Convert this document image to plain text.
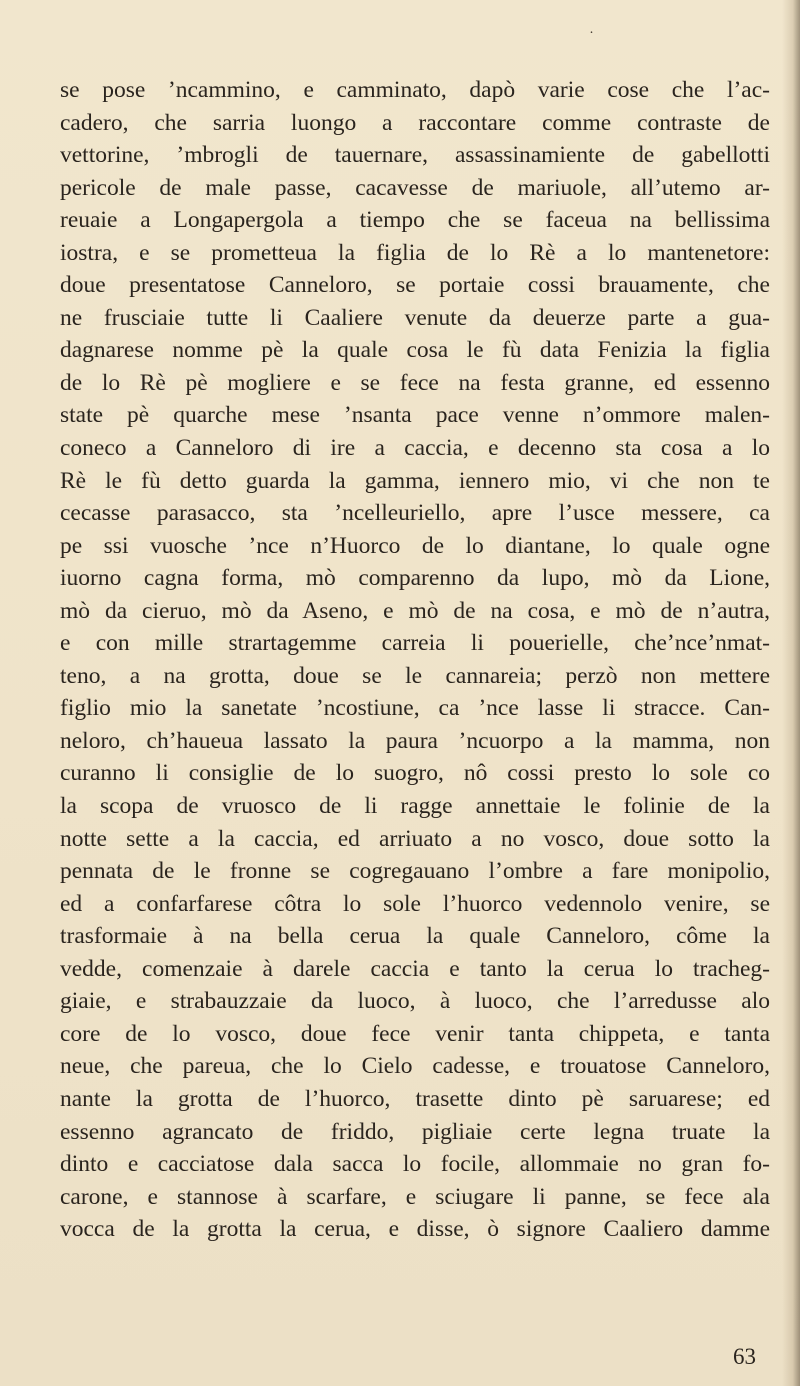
˙
se pose ’ncammino, e camminato, dapò varie cose che l’ac-
cadero, che sarria luongo a raccontare comme contraste de
vettorine, ’mbrogli de tauernare, assassinamiente de gabellotti
pericole de male passe, cacavesse de mariuole, all’utemo ar-
reuaie a Longapergola a tiempo che se faceua na bellissima
iostra, e se prometteua la figlia de lo Rè a lo mantenetore:
doue presentatose Canneloro, se portaie cossi brauamente, che
ne frusciaie tutte li Caaliere venute da deuerze parte a gua-
dagnarese nomme pè la quale cosa le fù data Fenizia la figlia
de lo Rè pè mogliere e se fece na festa granne, ed essenno
state pè quarche mese ’nsanta pace venne n’ommore malen-
coneco a Canneloro di ire a caccia, e decenno sta cosa a lo
Rè le fù detto guarda la gamma, iennero mio, vi che non te
cecasse parasacco, sta ’ncelleuriello, apre l’usce messere, ca
pe ssi vuosche ’nce n’Huorco de lo diantane, lo quale ogne
iuorno cagna forma, mò comparenno da lupo, mò da Lione,
mò da cieruo, mò da Aseno, e mò de na cosa, e mò de n’autra,
e con mille strartagemme carreia li pouerielle, che’nce’nmat-
teno, a na grotta, doue se le cannareia; perzò non mettere
figlio mio la sanetate ’ncostiune, ca ’nce lasse li stracce. Can-
neloro, ch’haueua lassato la paura ’ncuorpo a la mamma, non
curanno li consiglie de lo suogro, nô cossi presto lo sole co
la scopa de vruosco de li ragge annettaie le folinie de la
notte sette a la caccia, ed arriuato a no vosco, doue sotto la
pennata de le fronne se cogregauano l’ombre a fare monipolio,
ed a confarfarese côtra lo sole l’huorco vedennolo venire, se
trasformaie à na bella cerua la quale Canneloro, côme la
vedde, comenzaie à darele caccia e tanto la cerua lo tracheg-
giaie, e strabauzzaie da luoco, à luoco, che l’arredusse alo
core de lo vosco, doue fece venir tanta chippeta, e tanta
neue, che pareua, che lo Cielo cadesse, e trouatose Canneloro,
nante la grotta de l’huorco, trasette dinto pè saruarese; ed
essenno agrancato de friddo, pigliaie certe legna truate la
dinto e cacciatose dala sacca lo focile, allommaie no gran fo-
carone, e stannose à scarfare, e sciugare li panne, se fece ala
vocca de la grotta la cerua, e disse, ò signore Caaliero damme
63
